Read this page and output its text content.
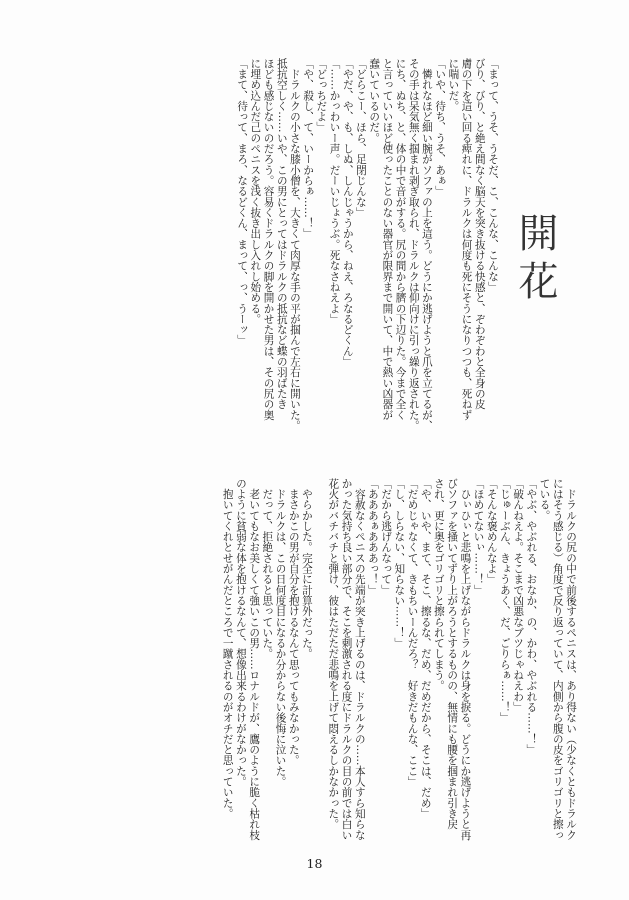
開花
「まって、うそ、うそだ、こ、こんな、こんな」
びり、びり、と絶え間なく脳天を突き抜ける快感と、ぞわぞわと全身の皮
膚の下を這い回る痺れに、ドラルクは何度も死にそうになりつつも、死ねず
に喘いだ。
「いや、待ち、うそ、あぁ」
　憐れなほど細い腕がソファの上を這う。どうにか逃げようと爪を立てるが、
その手は呆気無く掴まれ剥ぎ取られ、ドラルクは仰向けに引っ繰り返された。
にち、ぬち、と、体の中で音がする。尻の間から臍の下辺りた。今まで全く
と言っていいほど使ったことのない器官が限界まで開いて、中で熱い凶器が
蠢いているのだ。
「どらこー、ほら、足閉じんな」
「やだ、や、も、しぬ、しんじゃうから、ねえ、ろなるどくん」
「……かっわいー声。だーいじょうぶ。死なさねえよ」
「どっちだよ」
「や、殺し、て、いーからぁ……！」
　ドラルクの小さな膝小僧を、大きくて肉厚な手の平が掴んで左右に開いた。
抵抗空しく……いや、この男にとってはドラルクの抵抗など蝶の羽ばたき
ほども感じないのだろう。容易くドラルクの脚を開かせた男は、その尻の奥
に埋め込んだ己のペニスを浅く抜き出し入れし始める。
「まて、待って、まろ、なるどくん、まって、っ、うーッ」
　ドラルクの尻の中で前後するペニスは、あり得ない（少なくともドラルク
にはそう感じる）角度で反り返っていて、内側から腹の皮をゴリゴリと擦っ
ている。
「やぶ、やぶれる、おなか、の、かわ、やぶれる……！」
「破んねえよ。そこまで凶悪なブツじゃねえわ」
「じゅーぶん、きょうあく、だ、ごりらぁ……！」
「そんな褒めんなよ」
「ほめてないぃ……！」
　ひぃひぃと悲鳴を上げながらドラルクは身を捩る。どうにか逃げようと再
びソファを掻いてずり上がろうとするものの、無情にも腰を掴まれ引き戻
され、更に奥をゴリゴリと擦られてしまう。
「や、いや、まて、そこ、擦るな、だめ、だめだから、そこは、だめ」
「だめじゃなくて、きもちいーんだろ？　好きだもんな、ここ」
「し、しらない、知らない……！」
「だから逃げんなって」
「あああぁあああっ！」
　容赦なくペニスの先端が突き上げるのは、ドラルクの……本人すら知らな
かった気持ち良い部分で、そこを刺激される度にドラルクの目の前では白い
花火がバチバチと弾け、彼はただただ悲鳴を上げて悶えるしかなかった。
　やらかした。完全に計算外だった。
　まさかこの男が自分を抱けるなんて思ってもみなかった。
　ドラルクは、この日何度目になるか分からない後悔に泣いた。
　だって、拒絶されると思っていた。
　老いてもなお美しくて強いこの男……ロナルドが、鷹のように脆く枯れ枝
のように貧弱な体を抱けるなんて、想像出来るわけがなかった。
　抱いてくれとせがんだところで一蹴されるのがオチだと思っていた。
18
